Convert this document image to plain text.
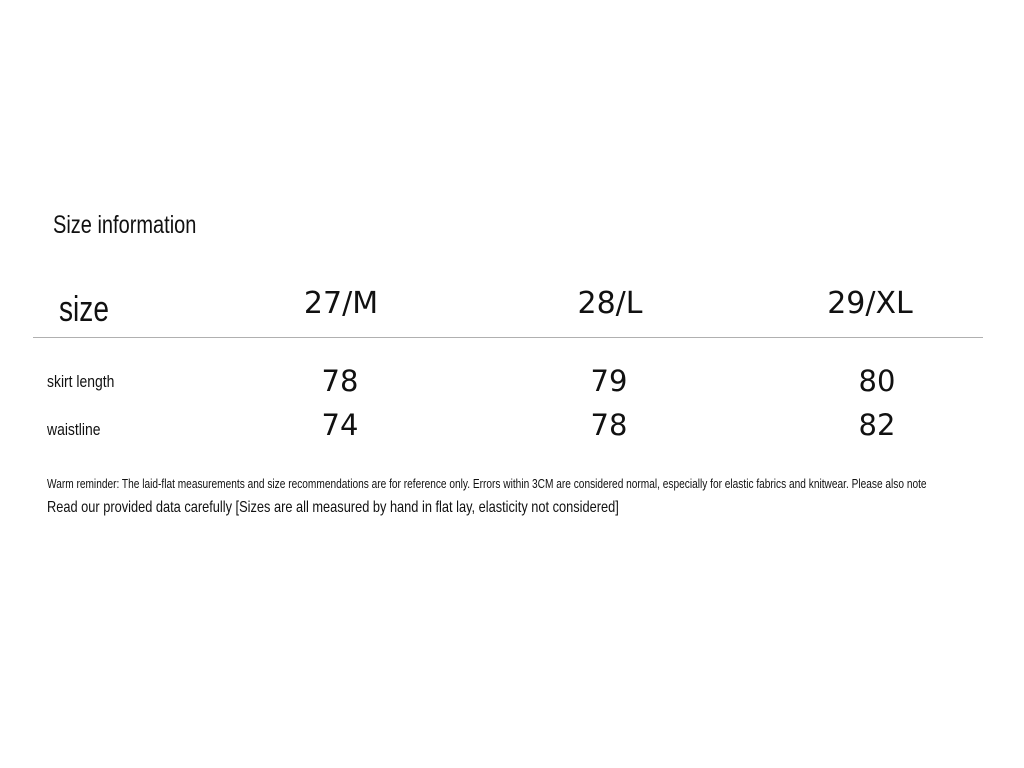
Size information
size	27/M	28/L	29/XL
skirt length	78	79	80
waistline	74	78	82
Warm reminder: The laid-flat measurements and size recommendations are for reference only. Errors within 3CM are considered normal, especially for elastic fabrics and knitwear. Please also note
Read our provided data carefully [Sizes are all measured by hand in flat lay, elasticity not considered]
